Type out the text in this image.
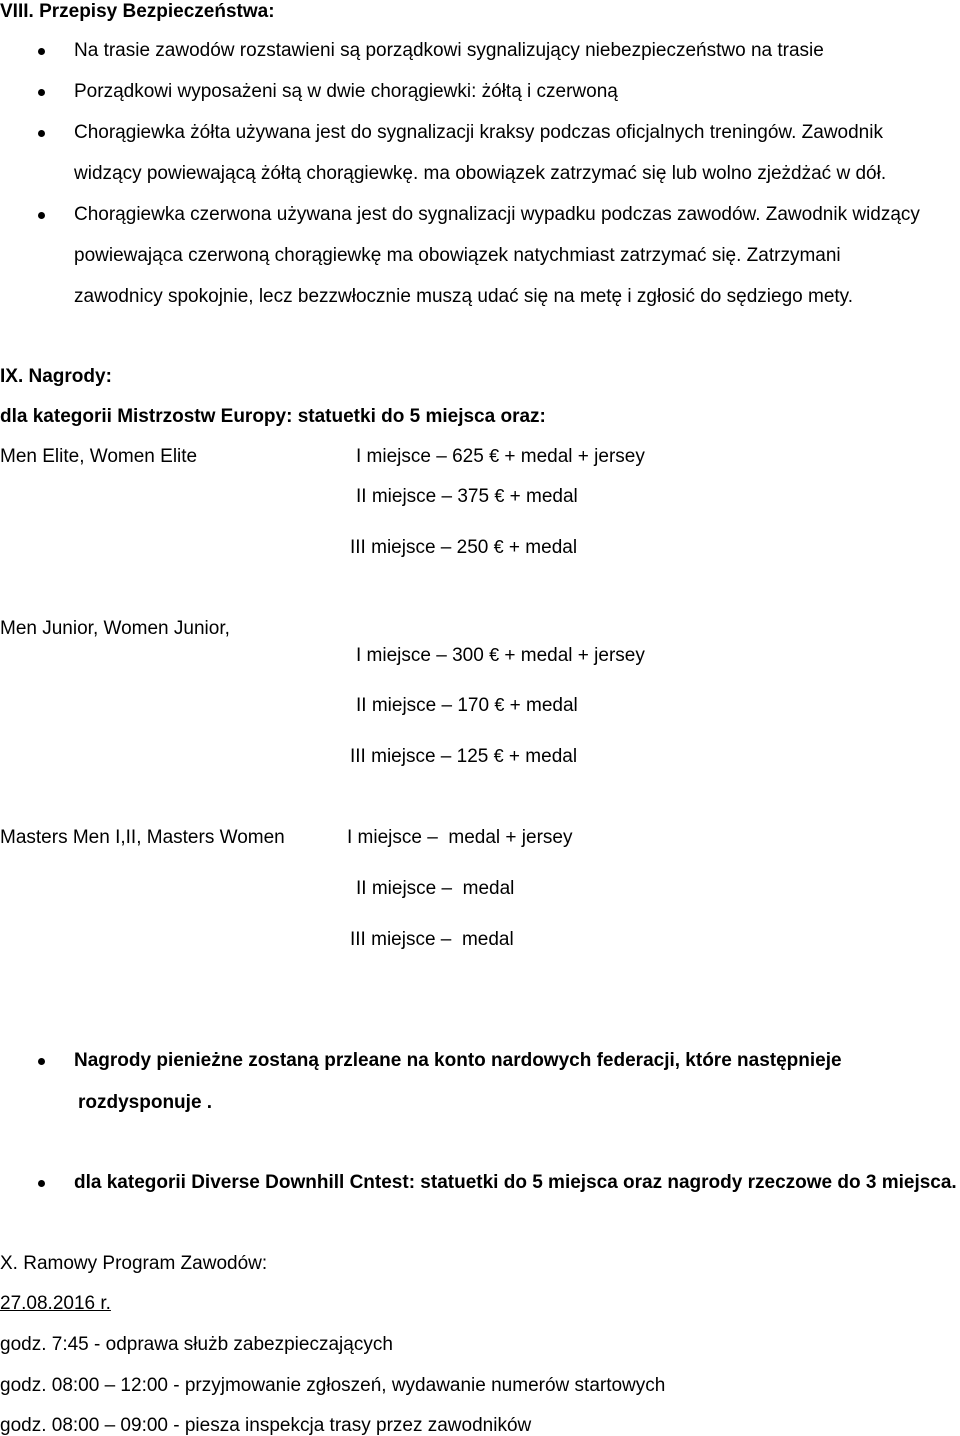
VIII. Przepisy Bezpieczeństwa:
Na trasie zawodów rozstawieni są porządkowi sygnalizujący niebezpieczeństwo na trasie
Porządkowi wyposażeni są w dwie chorągiewki: żółtą i czerwoną
Chorągiewka żółta używana jest do sygnalizacji kraksy podczas oficjalnych treningów. Zawodnik
widzący powiewającą żółtą chorągiewkę. ma obowiązek zatrzymać się lub wolno zjeżdżać w dół.
Chorągiewka czerwona używana jest do sygnalizacji wypadku podczas zawodów. Zawodnik widzący
powiewająca czerwoną chorągiewkę ma obowiązek natychmiast zatrzymać się. Zatrzymani
zawodnicy spokojnie, lecz bezzwłocznie muszą udać się na metę i zgłosić do sędziego mety.
IX. Nagrody:
dla kategorii Mistrzostw Europy: statuetki do 5 miejsca oraz:
Men Elite, Women Elite	I miejsce – 625 € + medal + jersey
II miejsce – 375 € + medal
III miejsce – 250 € + medal
Men Junior, Women Junior,
I miejsce – 300 € + medal + jersey
II miejsce – 170 € + medal
III miejsce – 125 € + medal
Masters Men I,II, Masters Women	I miejsce – medal + jersey
II miejsce – medal
III miejsce – medal
Nagrody pienieżne zostaną przleane na konto nardowych federacji, które następnieje
rozdysponuje .
dla kategorii Diverse Downhill Cntest: statuetki do 5 miejsca oraz nagrody rzeczowe do 3 miejsca.
X. Ramowy Program Zawodów:
27.08.2016 r.
godz. 7:45 - odprawa służb zabezpieczających
godz. 08:00 – 12:00 - przyjmowanie zgłoszeń, wydawanie numerów startowych
godz. 08:00 – 09:00 - piesza inspekcja trasy przez zawodników
